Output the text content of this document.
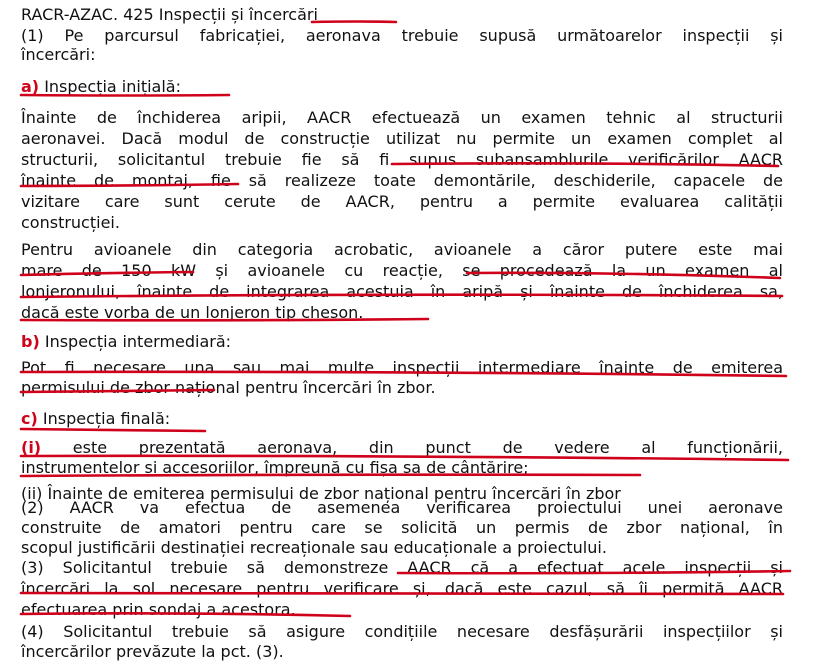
RACR-AZAC. 425 Inspecții și încercări
(1) Pe parcursul fabricației, aeronava trebuie supusă următoarelor inspecții și
încercări:
a) Inspecția inițială:
Înainte de închiderea aripii, AACR efectuează un examen tehnic al structurii
aeronavei. Dacă modul de construcție utilizat nu permite un examen complet al
structurii, solicitantul trebuie fie să fi supus subansamblurile verificărilor AACR
înainte de montaj, fie să realizeze toate demontările, deschiderile, capacele de
vizitare care sunt cerute de AACR, pentru a permite evaluarea calității
construcției.
Pentru avioanele din categoria acrobatic, avioanele a căror putere este mai
mare de 150 kW și avioanele cu reacție, se procedează la un examen al
lonjeronului, înainte de integrarea acestuia în aripă și înainte de închiderea sa,
dacă este vorba de un lonjeron tip cheson.
b) Inspecția intermediară:
Pot fi necesare una sau mai multe inspecții intermediare înainte de emiterea
permisului de zbor național pentru încercări în zbor.
c) Inspecția finală:
(i) este prezentată aeronava, din punct de vedere al funcționării,
instrumentelor și accesoriilor, împreună cu fișa sa de cântărire;
(ii) Înainte de emiterea permisului de zbor național pentru încercări în zbor
(2) AACR va efectua de asemenea verificarea proiectului unei aeronave
construite de amatori pentru care se solicită un permis de zbor național, în
scopul justificării destinației recreaționale sau educaționale a proiectului.
(3) Solicitantul trebuie să demonstreze AACR că a efectuat acele inspecții și
încercări la sol necesare pentru verificare și, dacă este cazul, să îi permită AACR
efectuarea prin sondaj a acestora.
(4) Solicitantul trebuie să asigure condițiile necesare desfășurării inspecțiilor și
încercărilor prevăzute la pct. (3).
